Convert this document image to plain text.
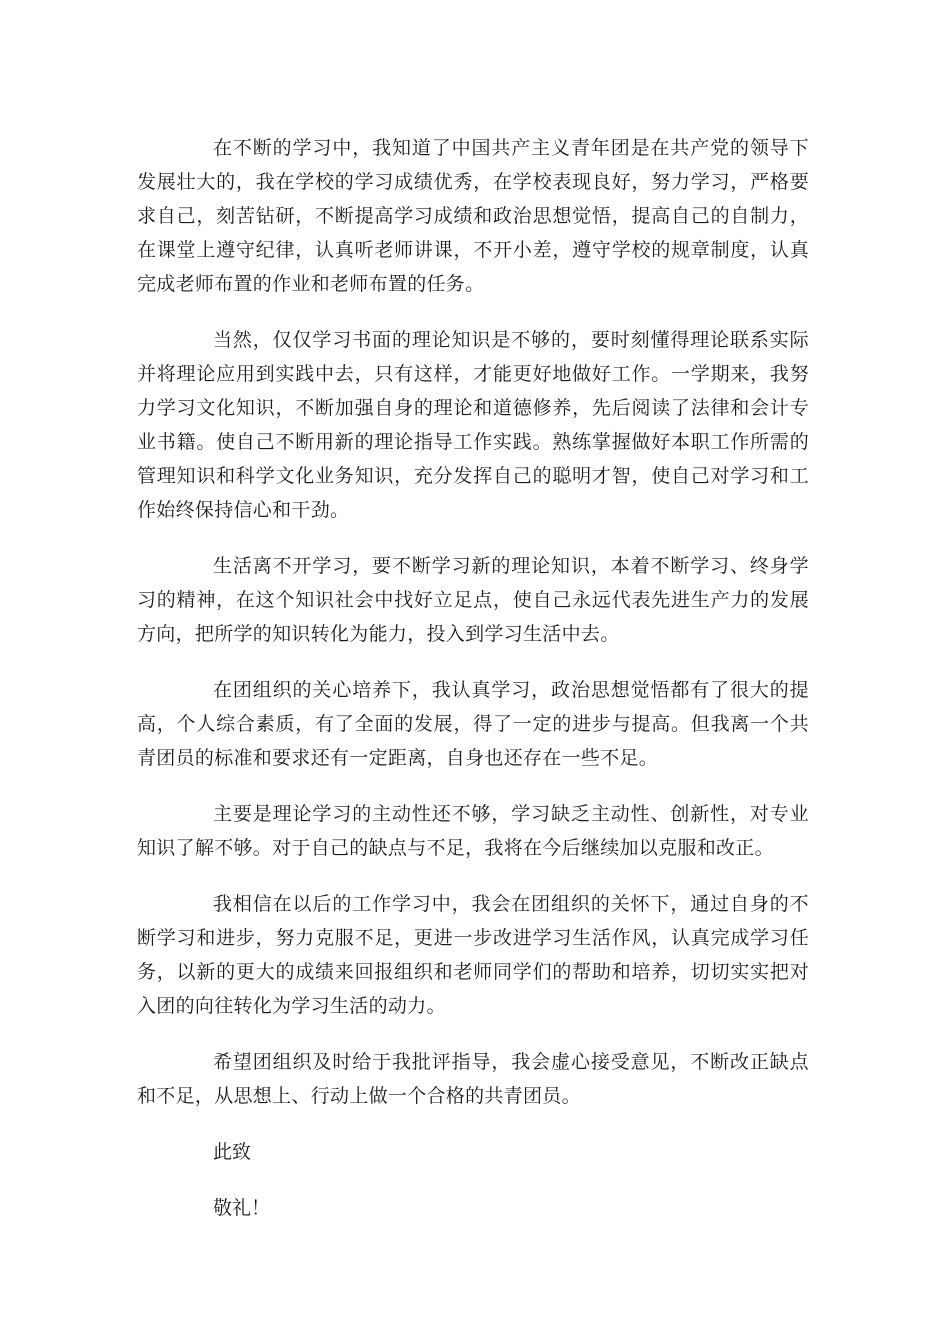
在不断的学习中，我知道了中国共产主义青年团是在共产党的领导下发展壮大的，我在学校的学习成绩优秀，在学校表现良好，努力学习，严格要求自己，刻苦钻研，不断提高学习成绩和政治思想觉悟，提高自己的自制力，在课堂上遵守纪律，认真听老师讲课，不开小差，遵守学校的规章制度，认真完成老师布置的作业和老师布置的任务。

当然，仅仅学习书面的理论知识是不够的，要时刻懂得理论联系实际并将理论应用到实践中去，只有这样，才能更好地做好工作。一学期来，我努力学习文化知识，不断加强自身的理论和道德修养，先后阅读了法律和会计专业书籍。使自己不断用新的理论指导工作实践。熟练掌握做好本职工作所需的管理知识和科学文化业务知识，充分发挥自己的聪明才智，使自己对学习和工作始终保持信心和干劲。

生活离不开学习，要不断学习新的理论知识，本着不断学习、终身学习的精神，在这个知识社会中找好立足点，使自己永远代表先进生产力的发展方向，把所学的知识转化为能力，投入到学习生活中去。

在团组织的关心培养下，我认真学习，政治思想觉悟都有了很大的提高，个人综合素质，有了全面的发展，得了一定的进步与提高。但我离一个共青团员的标准和要求还有一定距离，自身也还存在一些不足。

主要是理论学习的主动性还不够，学习缺乏主动性、创新性，对专业知识了解不够。对于自己的缺点与不足，我将在今后继续加以克服和改正。

我相信在以后的工作学习中，我会在团组织的关怀下，通过自身的不断学习和进步，努力克服不足，更进一步改进学习生活作风，认真完成学习任务，以新的更大的成绩来回报组织和老师同学们的帮助和培养，切切实实把对入团的向往转化为学习生活的动力。

希望团组织及时给于我批评指导，我会虚心接受意见，不断改正缺点和不足，从思想上、行动上做一个合格的共青团员。

此致

敬礼！
